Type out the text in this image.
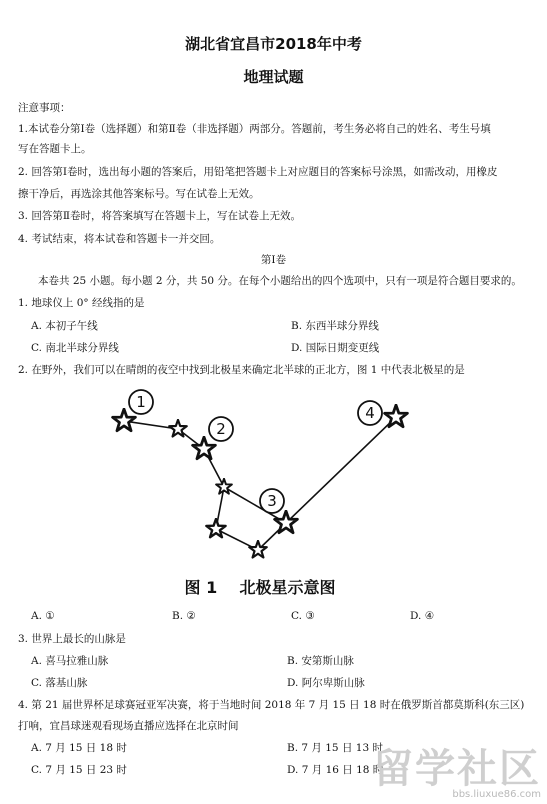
湖北省宜昌市2018年中考
地理试题
注意事项：
1.本试卷分第Ⅰ卷（选择题）和第Ⅱ卷（非选择题）两部分。答题前，考生务必将自己的姓名、考生号填
写在答题卡上。
2. 回答第Ⅰ卷时，选出每小题的答案后，用铅笔把答题卡上对应题目的答案标号涂黑，如需改动，用橡皮
擦干净后，再选涂其他答案标号。写在试卷上无效。
3. 回答第Ⅱ卷时，将答案填写在答题卡上，写在试卷上无效。
4. 考试结束，将本试卷和答题卡一并交回。
第Ⅰ卷
本卷共 25 小题。每小题 2 分，共 50 分。在每个小题给出的四个选项中，只有一项是符合题目要求的。
1. 地球仪上 0° 经线指的是
A. 本初子午线	B. 东西半球分界线
C. 南北半球分界线	D. 国际日期变更线
2. 在野外，我们可以在晴朗的夜空中找到北极星来确定北半球的正北方，图 1 中代表北极星的是
1
2
3
4
图 1    北极星示意图
A. ①	B. ②	C. ③	D. ④
3. 世界上最长的山脉是
A. 喜马拉雅山脉	B. 安第斯山脉
C. 落基山脉	D. 阿尔卑斯山脉
4. 第 21 届世界杯足球赛冠亚军决赛，将于当地时间 2018 年 7 月 15 日 18 时在俄罗斯首都莫斯科(东三区)
打响，宜昌球迷观看现场直播应选择在北京时间
A. 7 月 15 日 18 时	B. 7 月 15 日 13 时
C. 7 月 15 日 23 时	D. 7 月 16 日 18 时
留学社区
bbs.liuxue86.com
